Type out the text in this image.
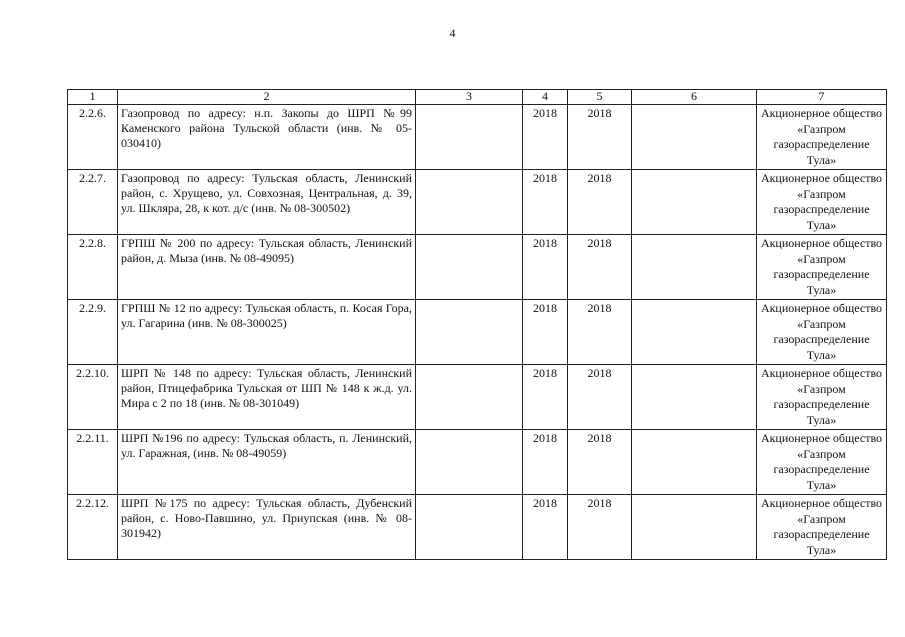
4
1	2	3	4	5	6	7
2.2.6.	Газопровод по адресу: н.п. Закопы до ШРП №99 Каменского района Тульской области (инв. № 05-030410)		2018	2018		Акционерное общество «Газпром газораспределение Тула»
2.2.7.	Газопровод по адресу: Тульская область, Ленинский район, с. Хрущево, ул. Совхозная, Центральная, д. 39, ул. Шкляра, 28, к кот. д/с (инв. № 08-300502)		2018	2018		Акционерное общество «Газпром газораспределение Тула»
2.2.8.	ГРПШ № 200 по адресу: Тульская область, Ленинский район, д. Мыза (инв. № 08-49095)		2018	2018		Акционерное общество «Газпром газораспределение Тула»
2.2.9.	ГРПШ № 12 по адресу: Тульская область, п. Косая Гора, ул. Гагарина (инв. № 08-300025)		2018	2018		Акционерное общество «Газпром газораспределение Тула»
2.2.10.	ШРП № 148 по адресу: Тульская область, Ленинский район, Птицефабрика Тульская от ШП № 148 к ж.д. ул. Мира с 2 по 18 (инв. № 08-301049)		2018	2018		Акционерное общество «Газпром газораспределение Тула»
2.2.11.	ШРП №196 по адресу: Тульская область, п. Ленинский, ул. Гаражная, (инв. № 08-49059)		2018	2018		Акционерное общество «Газпром газораспределение Тула»
2.2.12.	ШРП №175 по адресу: Тульская область, Дубенский район, с. Ново-Павшино, ул. Приупская (инв. № 08-301942)		2018	2018		Акционерное общество «Газпром газораспределение Тула»
